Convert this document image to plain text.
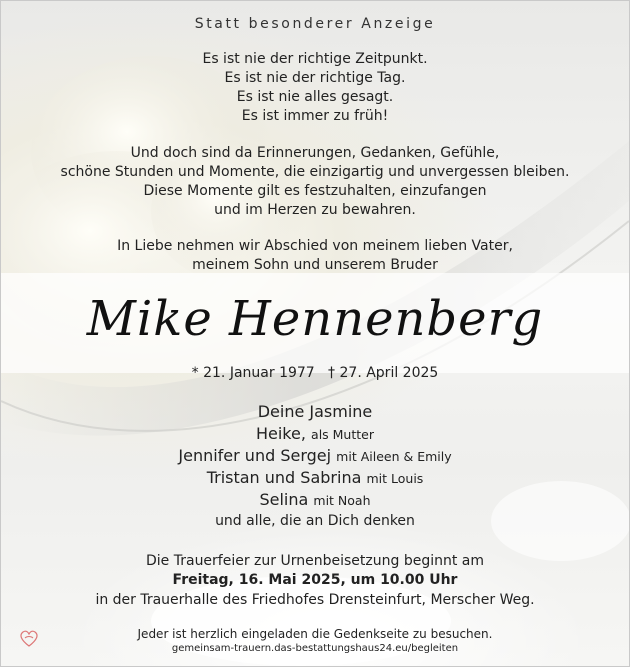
Statt besonderer Anzeige
Es ist nie der richtige Zeitpunkt.
Es ist nie der richtige Tag.
Es ist nie alles gesagt.
Es ist immer zu früh!
Und doch sind da Erinnerungen, Gedanken, Gefühle,
schöne Stunden und Momente, die einzigartig und unvergessen bleiben.
Diese Momente gilt es festzuhalten, einzufangen
und im Herzen zu bewahren.
In Liebe nehmen wir Abschied von meinem lieben Vater,
meinem Sohn und unserem Bruder
Mike Hennenberg
* 21. Januar 1977   † 27. April 2025
Deine Jasmine
Heike, als Mutter
Jennifer und Sergej mit Aileen & Emily
Tristan und Sabrina mit Louis
Selina mit Noah
und alle, die an Dich denken
Die Trauerfeier zur Urnenbeisetzung beginnt am
Freitag, 16. Mai 2025, um 10.00 Uhr
in der Trauerhalle des Friedhofes Drensteinfurt, Merscher Weg.
Jeder ist herzlich eingeladen die Gedenkseite zu besuchen.
gemeinsam-trauern.das-bestattungshaus24.eu/begleiten
